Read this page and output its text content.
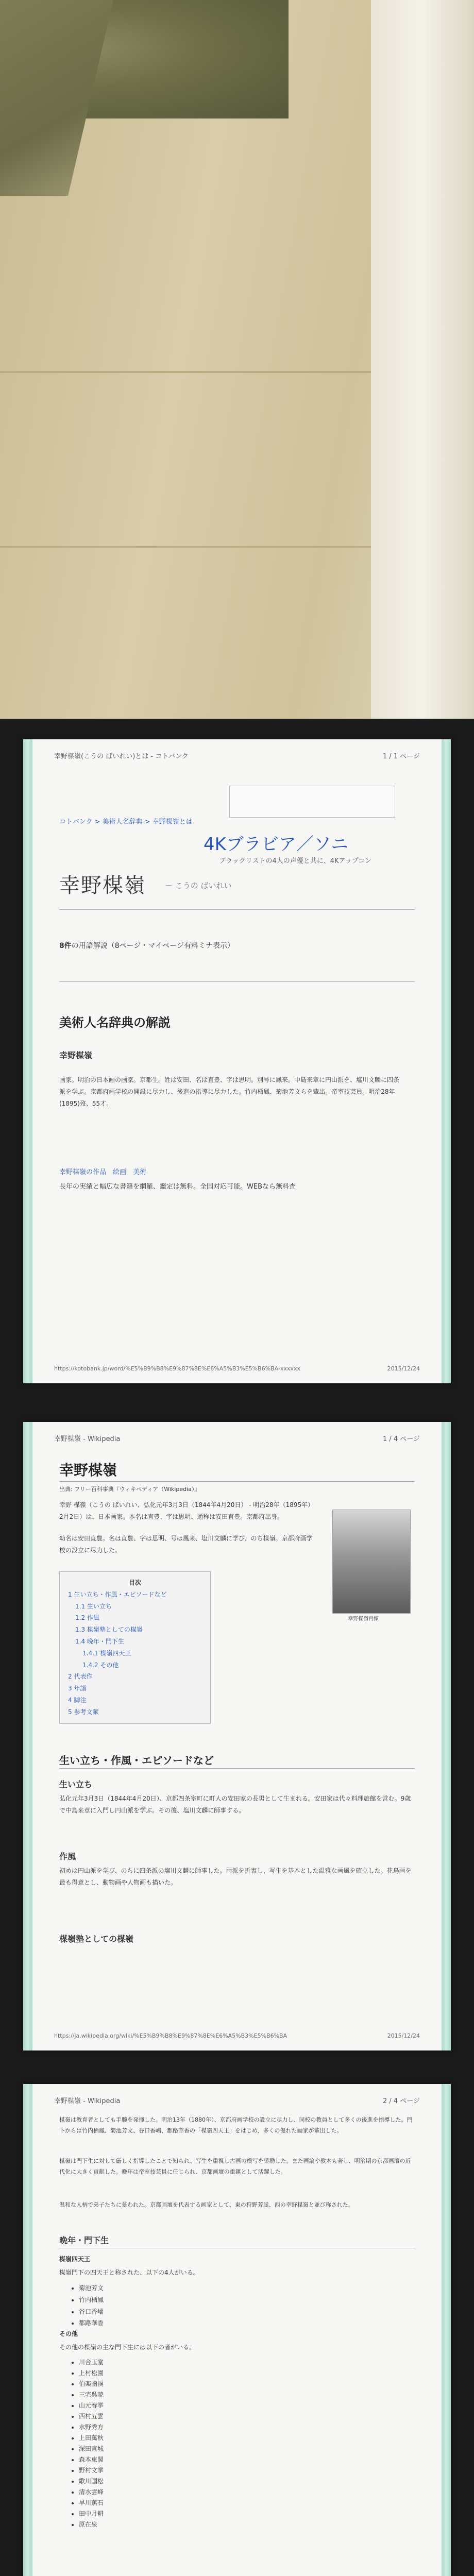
幸野楳嶺(こうの ばいれい)とは - コトバンク	1 / 1 ページ
コトバンク > 美術人名辞典 > 幸野楳嶺とは
4Kブラビア／ソニ
ブラックリストの4人の声優と共に、4Kアップコン
幸野楳嶺 － こうの ばいれい
8件の用語解説（8ページ・マイページ有料ミナ表示）
美術人名辞典の解説
幸野楳嶺
画家。明治の日本画の画家。京都生。姓は安田、名は直豊、字は思明。別号に鳳来。中島来章に円山派を、塩川文麟に四条派を学ぶ。京都府画学校の開設に尽力し、後進の指導に尽力した。竹内栖鳳、菊池芳文らを輩出。帝室技芸員。明治28年(1895)歿、55才。
幸野楳嶺の作品　絵画　美術
長年の実績と幅広な書籍を網羅、鑑定は無料。全国対応可能。WEBなら無料査
https://kotobank.jp/word/%E5%B9%B8%E9%87%8E%E6%A5%B3%E5%B6%BA-xxxxxx	2015/12/24
幸野楳嶺 - Wikipedia	1 / 4 ページ
幸野楳嶺
出典: フリー百科事典『ウィキペディア（Wikipedia）』
幸野 楳嶺（こうの ばいれい、弘化元年3月3日（1844年4月20日） - 明治28年（1895年）2月2日）は、日本画家。本名は直豊、字は思明、通称は安田直豊。京都府出身。
幼名は安田直豊。名は直豊、字は思明、号は鳳来、塩川文麟に学び、のち楳嶺。京都府画学校の設立に尽力した。
幸野楳嶺肖像
目次
1 生い立ち・作風・エピソードなど
1.1 生い立ち
1.2 作風
1.3 楳嶺塾としての楳嶺
1.4 晩年・門下生
1.4.1 楳嶺四天王
1.4.2 その他
2 代表作
3 年譜
4 脚注
5 参考文献
生い立ち・作風・エピソードなど
生い立ち
弘化元年3月3日（1844年4月20日）、京都四条室町に町人の安田家の長男として生まれる。安田家は代々料理旅館を営む。9歳で中島来章に入門し円山派を学ぶ。その後、塩川文麟に師事する。
作風
初めは円山派を学び、のちに四条派の塩川文麟に師事した。両派を折衷し、写生を基本とした温雅な画風を確立した。花鳥画を最も得意とし、動物画や人物画も描いた。
楳嶺塾としての楳嶺
https://ja.wikipedia.org/wiki/%E5%B9%B8%E9%87%8E%E6%A5%B3%E5%B6%BA	2015/12/24
幸野楳嶺 - Wikipedia	2 / 4 ページ
楳嶺は教育者としても手腕を発揮した。明治13年（1880年）、京都府画学校の設立に尽力し、同校の教員として多くの後進を指導した。門下からは竹内栖鳳、菊池芳文、谷口香嶠、都路華香の「楳嶺四天王」をはじめ、多くの優れた画家が輩出した。
楳嶺は門下生に対して厳しく指導したことで知られ、写生を重視し古画の模写を奨励した。また画論や教本も著し、明治期の京都画壇の近代化に大きく貢献した。晩年は帝室技芸員に任じられ、京都画壇の重鎮として活躍した。
温和な人柄で弟子たちに慕われた。京都画壇を代表する画家として、東の狩野芳崖、西の幸野楳嶺と並び称された。
晩年・門下生
楳嶺四天王
楳嶺門下の四天王と称された、以下の4人がいる。
• 菊池芳文
• 竹内栖鳳
• 谷口香嶠
• 都路華香
その他
その他の楳嶺の主な門下生には以下の者がいる。
• 川合玉堂
• 上村松園
• 伯楽幽渓
• 三宅呉暁
• 山元春挙
• 西村五雲
• 水野秀方
• 上田萬秋
• 深田直城
• 森本東閣
• 野村文挙
• 歌川国松
• 清水雲峰
• 早川蕉石
• 田中月耕
• 原在泉
